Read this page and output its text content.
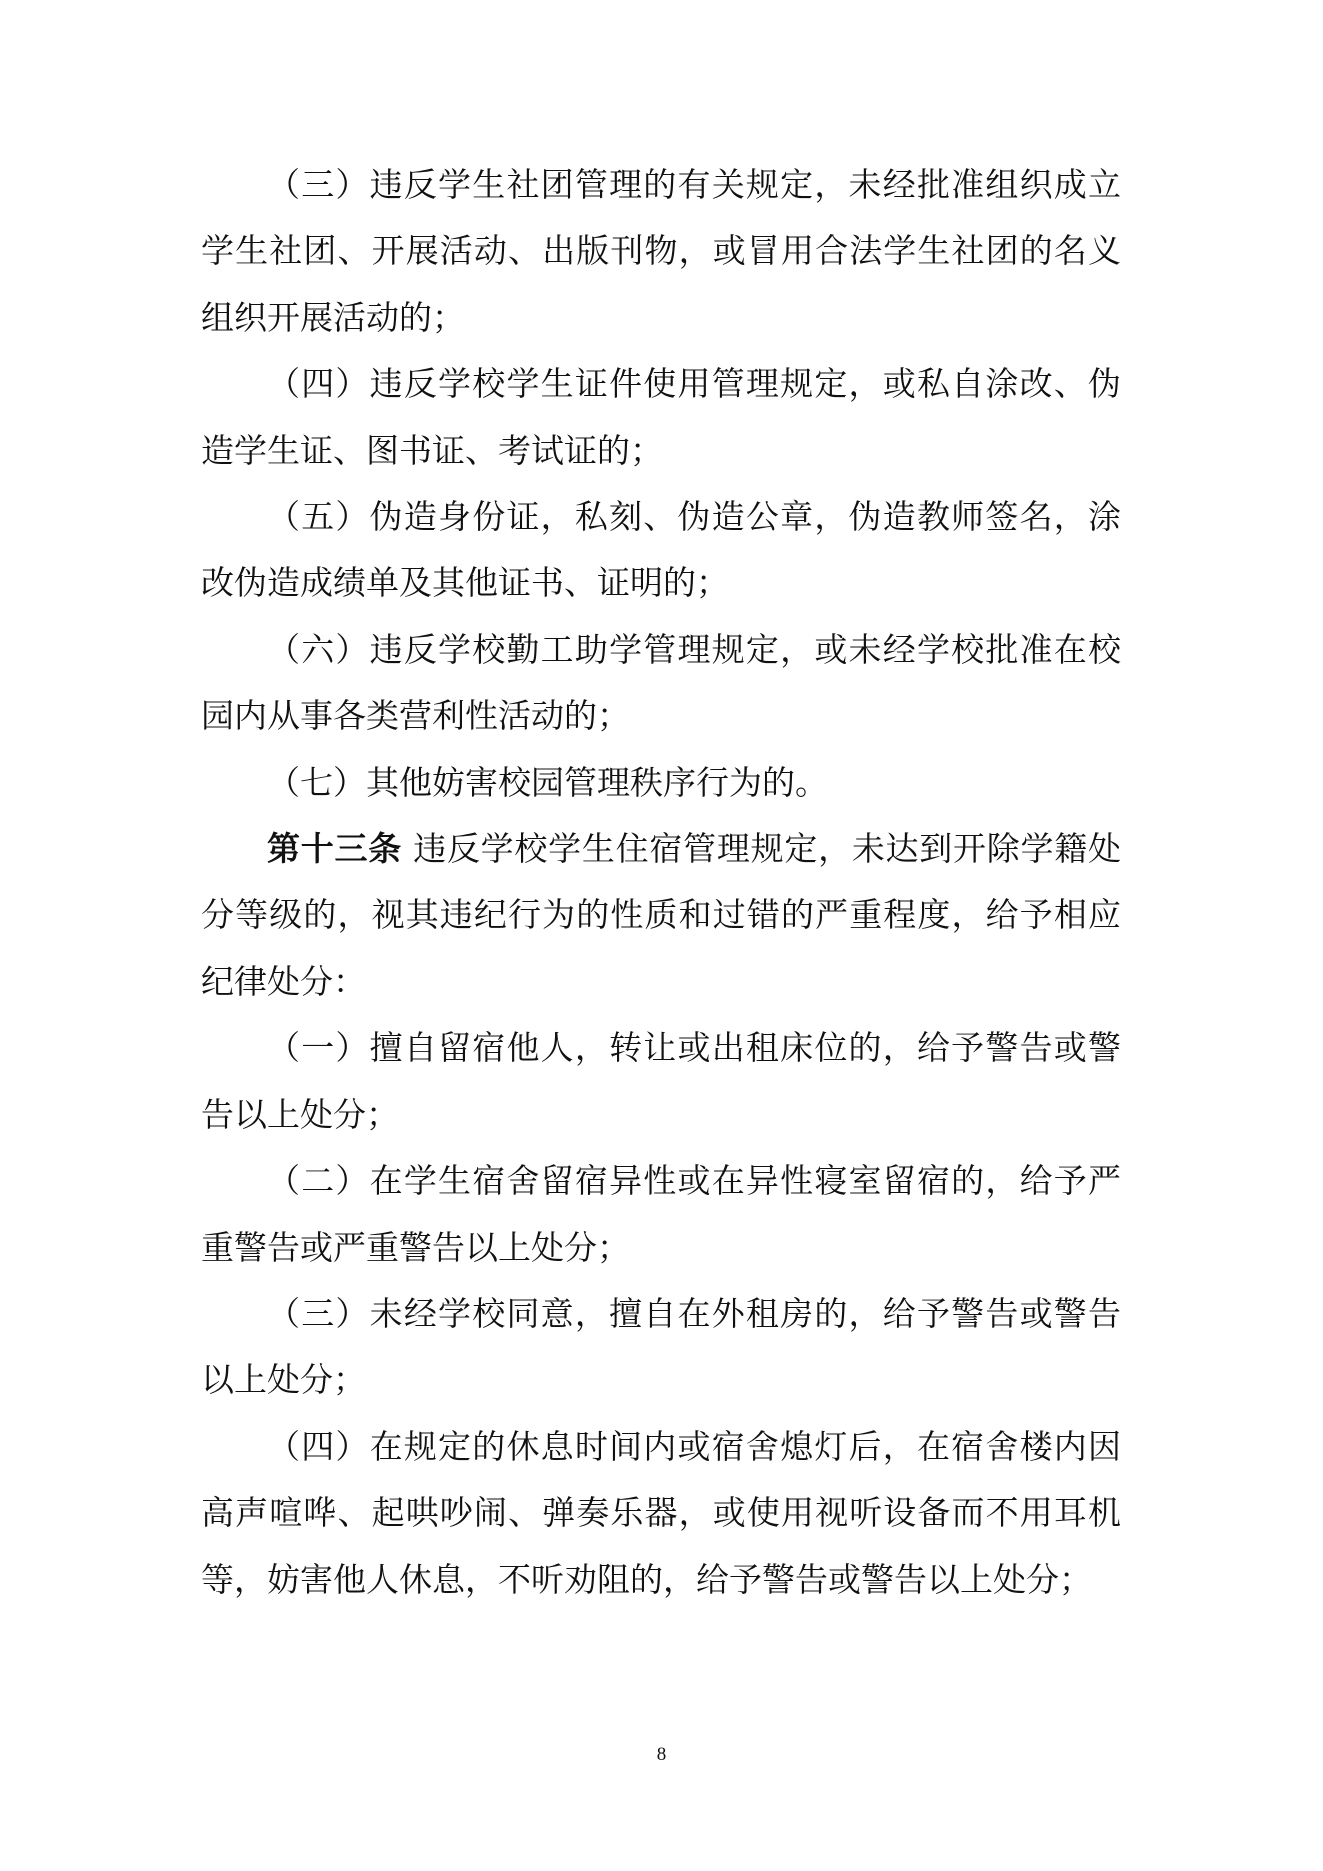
（三）违反学生社团管理的有关规定，未经批准组织成立学生社团、开展活动、出版刊物，或冒用合法学生社团的名义组织开展活动的；

（四）违反学校学生证件使用管理规定，或私自涂改、伪造学生证、图书证、考试证的；

（五）伪造身份证，私刻、伪造公章，伪造教师签名，涂改伪造成绩单及其他证书、证明的；

（六）违反学校勤工助学管理规定，或未经学校批准在校园内从事各类营利性活动的；

（七）其他妨害校园管理秩序行为的。

第十三条 违反学校学生住宿管理规定，未达到开除学籍处分等级的，视其违纪行为的性质和过错的严重程度，给予相应纪律处分：

（一）擅自留宿他人，转让或出租床位的，给予警告或警告以上处分；

（二）在学生宿舍留宿异性或在异性寝室留宿的，给予严重警告或严重警告以上处分；

（三）未经学校同意，擅自在外租房的，给予警告或警告以上处分；

（四）在规定的休息时间内或宿舍熄灯后，在宿舍楼内因高声喧哗、起哄吵闹、弹奏乐器，或使用视听设备而不用耳机等，妨害他人休息，不听劝阻的，给予警告或警告以上处分；

8
